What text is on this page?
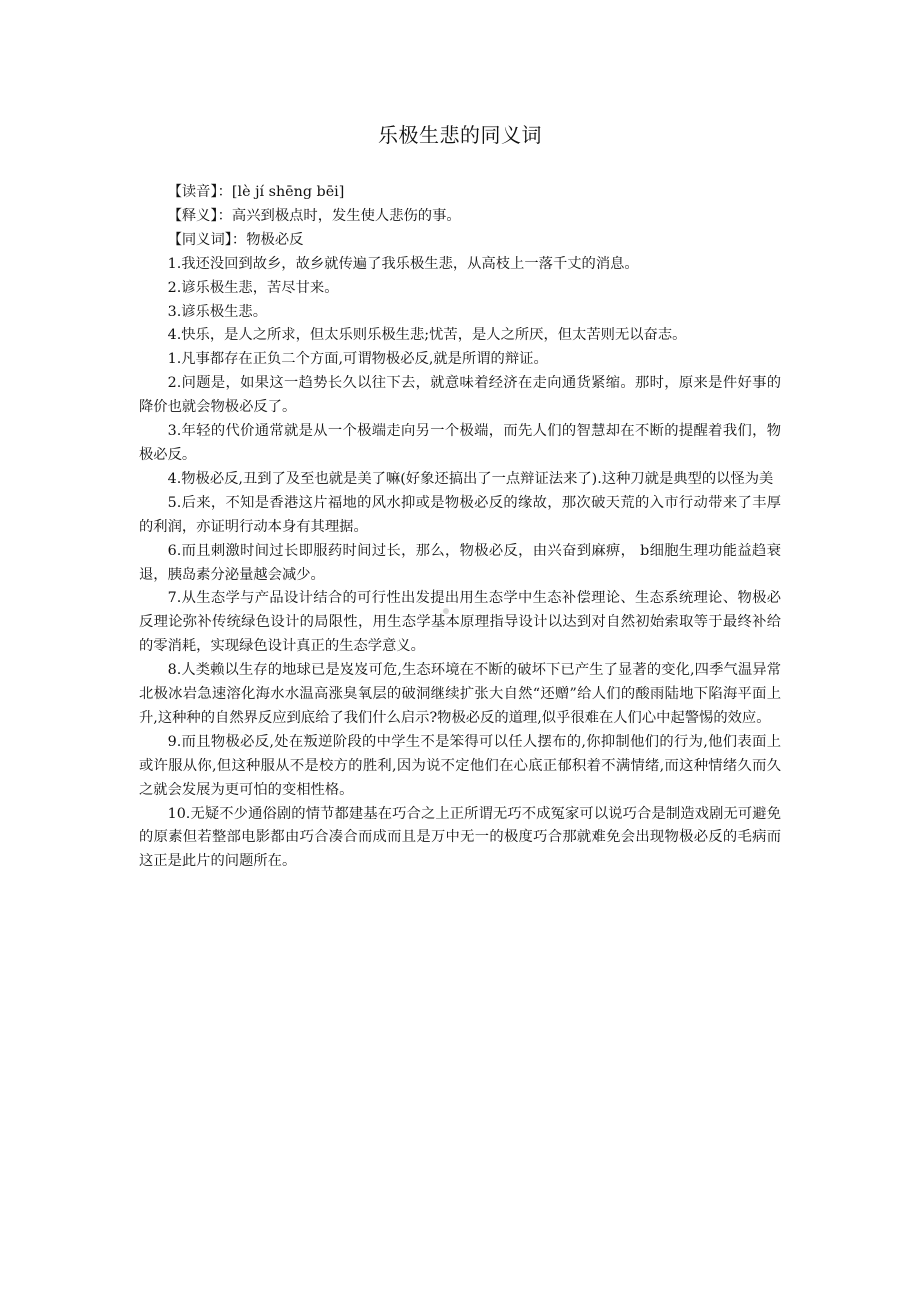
乐极生悲的同义词

【读音】：[lè jí shēng bēi]

【释义】：高兴到极点时，发生使人悲伤的事。

【同义词】：物极必反

1.我还没回到故乡，故乡就传遍了我乐极生悲，从高枝上一落千丈的消息。

2.谚乐极生悲，苦尽甘来。

3.谚乐极生悲。

4.快乐，是人之所求，但太乐则乐极生悲;忧苦，是人之所厌，但太苦则无以奋志。

1.凡事都存在正负二个方面,可谓物极必反,就是所谓的辩证。

2.问题是，如果这一趋势长久以往下去，就意味着经济在走向通货紧缩。那时，原来是件好事的降价也就会物极必反了。

3.年轻的代价通常就是从一个极端走向另一个极端，而先人们的智慧却在不断的提醒着我们，物极必反。

4.物极必反,丑到了及至也就是美了嘛(好象还搞出了一点辩证法来了).这种刀就是典型的以怪为美

5.后来，不知是香港这片福地的风水抑或是物极必反的缘故，那次破天荒的入市行动带来了丰厚的利润，亦证明行动本身有其理据。

6.而且刺激时间过长即服药时间过长，那么，物极必反，由兴奋到麻痹， b细胞生理功能益趋衰退，胰岛素分泌量越会减少。

7.从生态学与产品设计结合的可行性出发提出用生态学中生态补偿理论、生态系统理论、物极必反理论弥补传统绿色设计的局限性，用生态学基本原理指导设计以达到对自然初始索取等于最终补给的零消耗，实现绿色设计真正的生态学意义。

8.人类赖以生存的地球已是岌岌可危,生态环境在不断的破坏下已产生了显著的变化,四季气温异常北极冰岩急速溶化海水水温高涨臭氧层的破洞继续扩张大自然“还赠”给人们的酸雨陆地下陷海平面上升,这种种的自然界反应到底给了我们什么启示?物极必反的道理,似乎很难在人们心中起警惕的效应。

9.而且物极必反,处在叛逆阶段的中学生不是笨得可以任人摆布的,你抑制他们的行为,他们表面上或许服从你,但这种服从不是校方的胜利,因为说不定他们在心底正郁积着不满情绪,而这种情绪久而久之就会发展为更可怕的变相性格。

10.无疑不少通俗剧的情节都建基在巧合之上正所谓无巧不成冤家可以说巧合是制造戏剧无可避免的原素但若整部电影都由巧合凑合而成而且是万中无一的极度巧合那就难免会出现物极必反的毛病而这正是此片的问题所在。
